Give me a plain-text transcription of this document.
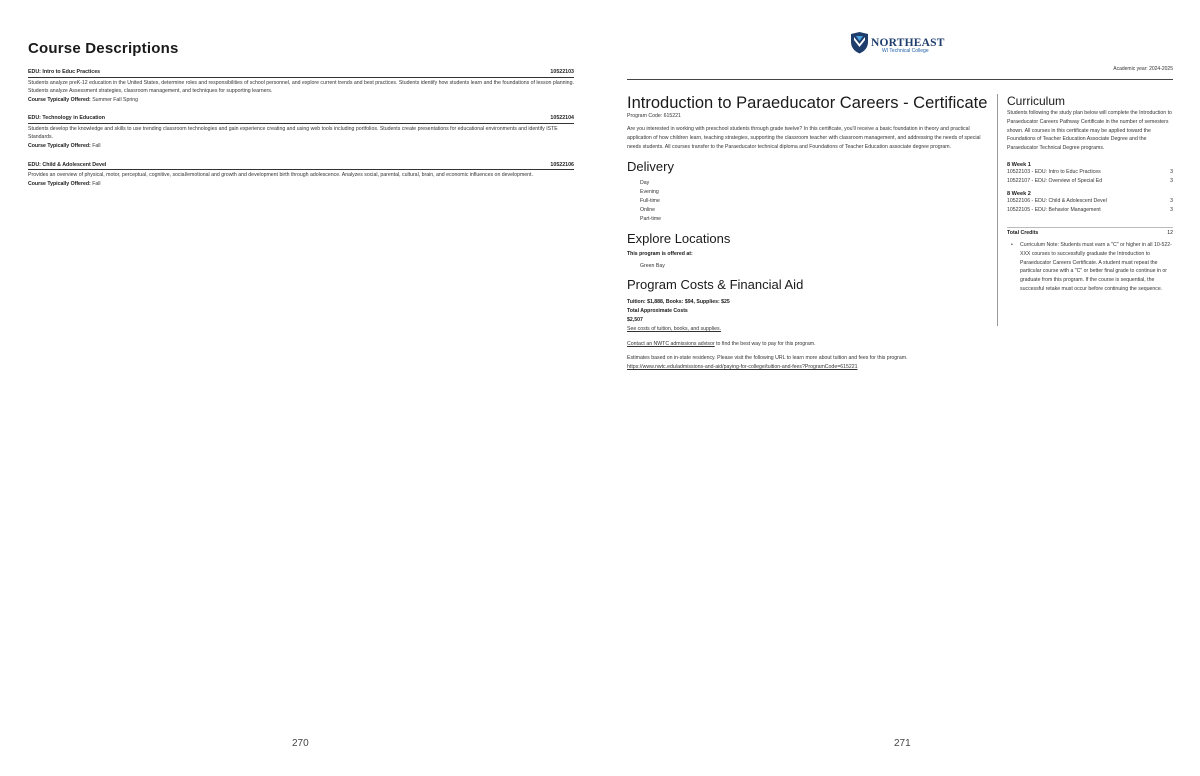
Course Descriptions
EDU: Intro to Educ Practices	10522103
Students analyze preK-12 education in the United States, determine roles and responsibilities of school personnel, and explore current trends and best practices. Students identify how students learn and the foundations of lesson planning. Students analyze Assessment strategies, classroom management, and techniques for supporting learners.
Course Typically Offered: Summer Fall Spring
EDU: Technology in Education	10522104
Students develop the knowledge and skills to use trending classroom technologies and gain experience creating and using web tools including portfolios. Students create presentations for educational environments and identify ISTE Standards.
Course Typically Offered: Fall
EDU: Child & Adolescent Devel	10522106
Provides an overview of physical, motor, perceptual, cognitive, social/emotional and growth and development birth through adolescence. Analyzes social, parental, cultural, brain, and economic influences on development.
Course Typically Offered: Fall
270
NORTHEAST
WI Technical College
Academic year: 2024-2025
Introduction to Paraeducator Careers - Certificate
Program Code: 615221
Are you interested in working with preschool students through grade twelve? In this certificate, you'll receive a basic foundation in theory and practical application of how children learn, teaching strategies, supporting the classroom teacher with classroom management, and addressing the needs of special needs students. All courses transfer to the Paraeducator technical diploma and Foundations of Teacher Education associate degree program.
Delivery
Day
Evening
Full-time
Online
Part-time
Explore Locations
This program is offered at:
Green Bay
Program Costs & Financial Aid
Tuition: $1,888, Books: $94, Supplies: $25
Total Approximate Costs
$2,507
See costs of tuition, books, and supplies.
Contact an NWTC admissions advisor to find the best way to pay for this program.
Estimates based on in-state residency. Please visit the following URL to learn more about tuition and fees for this program.
https://www.nwtc.edu/admissions-and-aid/paying-for-college/tuition-and-fees?ProgramCode=615221
Curriculum
Students following the study plan below will complete the Introduction to Paraeducator Careers Pathway Certificate in the number of semesters shown. All courses in this certificate may be applied toward the Foundations of Teacher Education Associate Degree and the Paraeducator Technical Degree programs.
8 Week 1
10522103 - EDU: Intro to Educ Practices	3
10522107 - EDU: Overview of Special Ed	3
8 Week 2
10522106 - EDU: Child & Adolescent Devel	3
10522105 - EDU: Behavior Management	3
Total Credits	12
• Curriculum Note: Students must earn a "C" or higher in all 10-522-XXX courses to successfully graduate the Introduction to Paraeducator Careers Certificate. A student must repeat the particular course with a "C" or better final grade to continue in or graduate from this program. If the course is sequential, the successful retake must occur before continuing the sequence.
271
